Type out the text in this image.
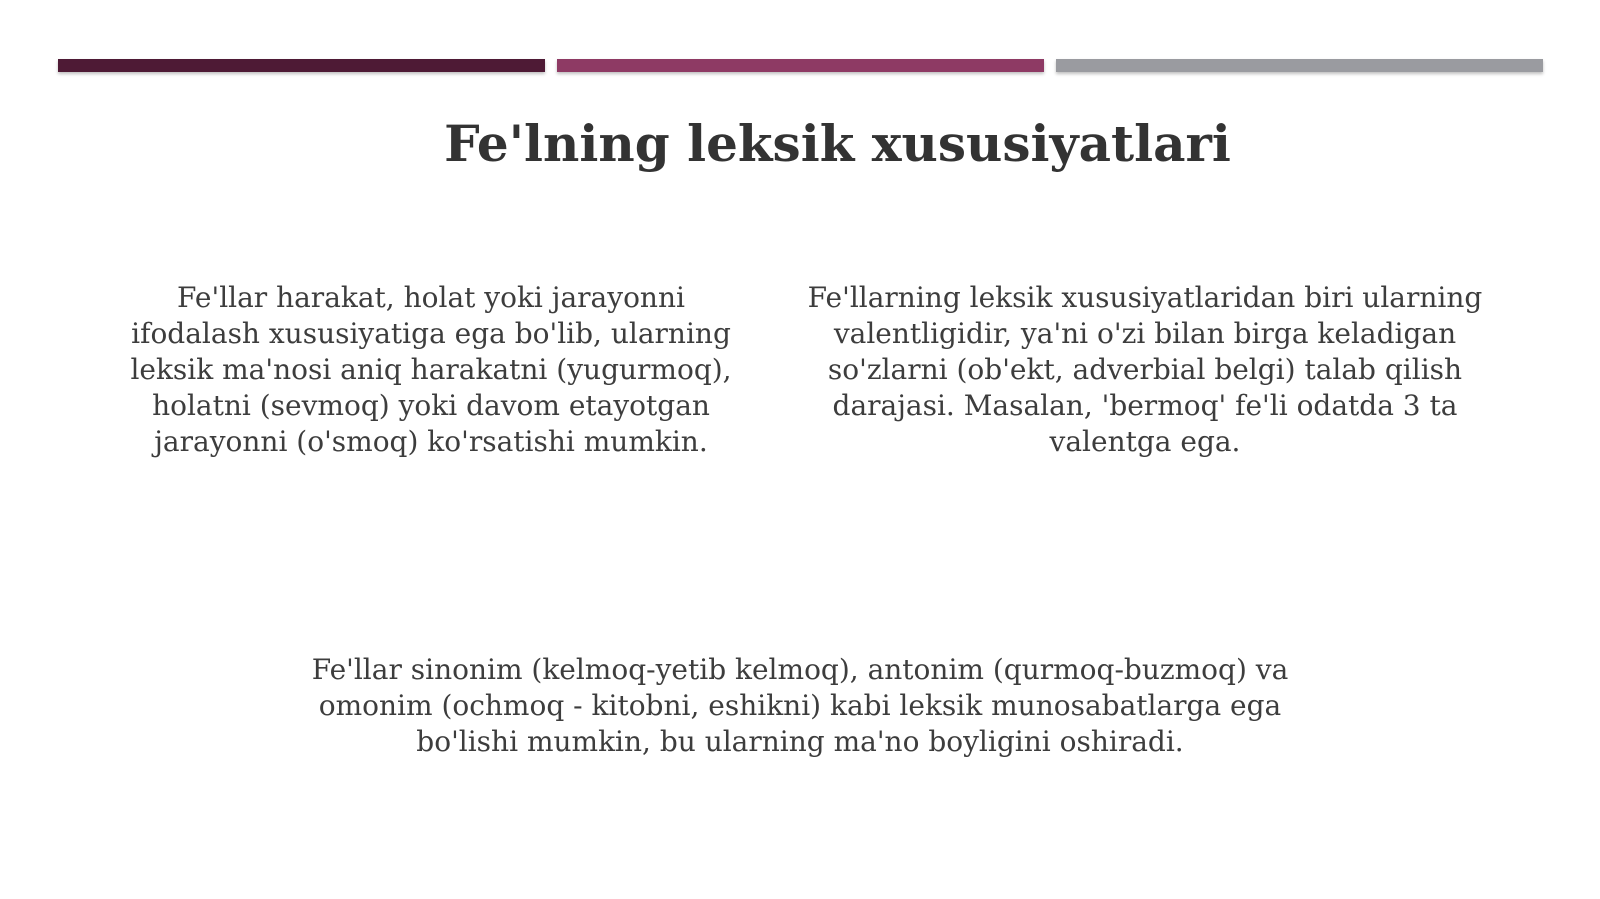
Fe'lning leksik xususiyatlari

Fe'llar harakat, holat yoki jarayonni ifodalash xususiyatiga ega bo'lib, ularning leksik ma'nosi aniq harakatni (yugurmoq), holatni (sevmoq) yoki davom etayotgan jarayonni (o'smoq) ko'rsatishi mumkin.

Fe'llarning leksik xususiyatlaridan biri ularning valentligidir, ya'ni o'zi bilan birga keladigan so'zlarni (ob'ekt, adverbial belgi) talab qilish darajasi. Masalan, 'bermoq' fe'li odatda 3 ta valentga ega.

Fe'llar sinonim (kelmoq-yetib kelmoq), antonim (qurmoq-buzmoq) va omonim (ochmoq - kitobni, eshikni) kabi leksik munosabatlarga ega bo'lishi mumkin, bu ularning ma'no boyligini oshiradi.
